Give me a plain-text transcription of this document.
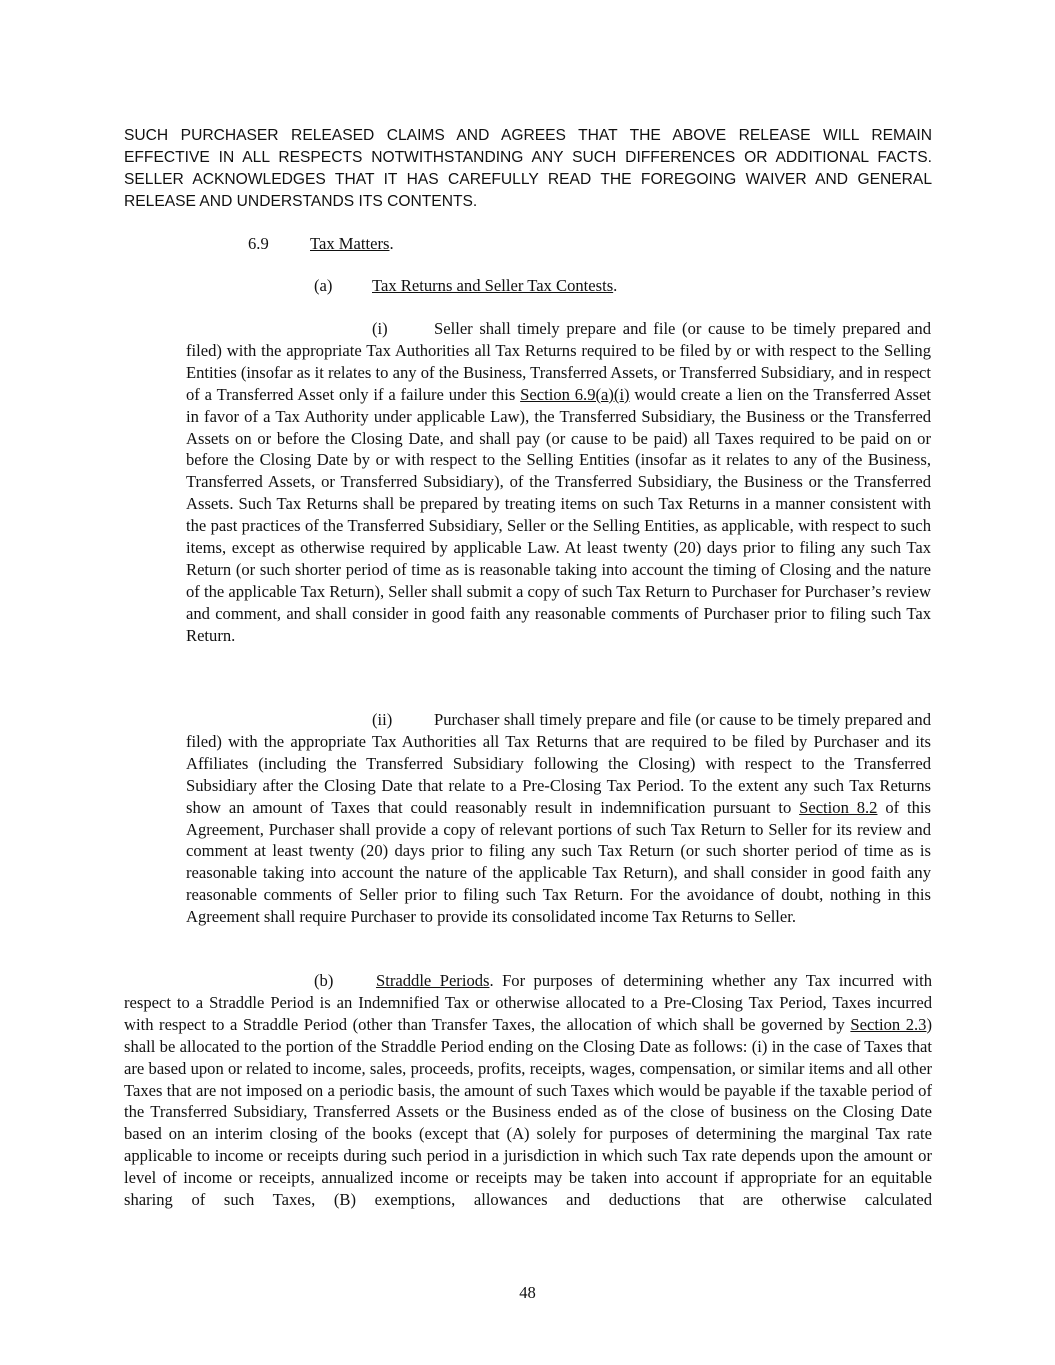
SUCH PURCHASER RELEASED CLAIMS AND AGREES THAT THE ABOVE RELEASE WILL REMAIN EFFECTIVE IN ALL RESPECTS NOTWITHSTANDING ANY SUCH DIFFERENCES OR ADDITIONAL FACTS. SELLER ACKNOWLEDGES THAT IT HAS CAREFULLY READ THE FOREGOING WAIVER AND GENERAL RELEASE AND UNDERSTANDS ITS CONTENTS.

6.9 Tax Matters.
(a) Tax Returns and Seller Tax Contests.

(i)	Seller shall timely prepare and file (or cause to be timely prepared and filed) with the appropriate Tax Authorities all Tax Returns required to be filed by or with respect to the Selling Entities (insofar as it relates to any of the Business, Transferred Assets, or Transferred Subsidiary, and in respect of a Transferred Asset only if a failure under this Section 6.9(a)(i) would create a lien on the Transferred Asset in favor of a Tax Authority under applicable Law), the Transferred Subsidiary, the Business or the Transferred Assets on or before the Closing Date, and shall pay (or cause to be paid) all Taxes required to be paid on or before the Closing Date by or with respect to the Selling Entities (insofar as it relates to any of the Business, Transferred Assets, or Transferred Subsidiary), of the Transferred Subsidiary, the Business or the Transferred Assets. Such Tax Returns shall be prepared by treating items on such Tax Returns in a manner consistent with the past practices of the Transferred Subsidiary, Seller or the Selling Entities, as applicable, with respect to such items, except as otherwise required by applicable Law. At least twenty (20) days prior to filing any such Tax Return (or such shorter period of time as is reasonable taking into account the timing of Closing and the nature of the applicable Tax Return), Seller shall submit a copy of such Tax Return to Purchaser for Purchaser’s review and comment, and shall consider in good faith any reasonable comments of Purchaser prior to filing such Tax Return.

(ii)	Purchaser shall timely prepare and file (or cause to be timely prepared and filed) with the appropriate Tax Authorities all Tax Returns that are required to be filed by Purchaser and its Affiliates (including the Transferred Subsidiary following the Closing) with respect to the Transferred Subsidiary after the Closing Date that relate to a Pre-Closing Tax Period. To the extent any such Tax Returns show an amount of Taxes that could reasonably result in indemnification pursuant to Section 8.2 of this Agreement, Purchaser shall provide a copy of relevant portions of such Tax Return to Seller for its review and comment at least twenty (20) days prior to filing any such Tax Return (or such shorter period of time as is reasonable taking into account the nature of the applicable Tax Return), and shall consider in good faith any reasonable comments of Seller prior to filing such Tax Return. For the avoidance of doubt, nothing in this Agreement shall require Purchaser to provide its consolidated income Tax Returns to Seller.

(b)	Straddle Periods. For purposes of determining whether any Tax incurred with respect to a Straddle Period is an Indemnified Tax or otherwise allocated to a Pre-Closing Tax Period, Taxes incurred with respect to a Straddle Period (other than Transfer Taxes, the allocation of which shall be governed by Section 2.3) shall be allocated to the portion of the Straddle Period ending on the Closing Date as follows: (i) in the case of Taxes that are based upon or related to income, sales, proceeds, profits, receipts, wages, compensation, or similar items and all other Taxes that are not imposed on a periodic basis, the amount of such Taxes which would be payable if the taxable period of the Transferred Subsidiary, Transferred Assets or the Business ended as of the close of business on the Closing Date based on an interim closing of the books (except that (A) solely for purposes of determining the marginal Tax rate applicable to income or receipts during such period in a jurisdiction in which such Tax rate depends upon the amount or level of income or receipts, annualized income or receipts may be taken into account if appropriate for an equitable sharing of such Taxes, (B) exemptions, allowances and deductions that are otherwise calculated

48
